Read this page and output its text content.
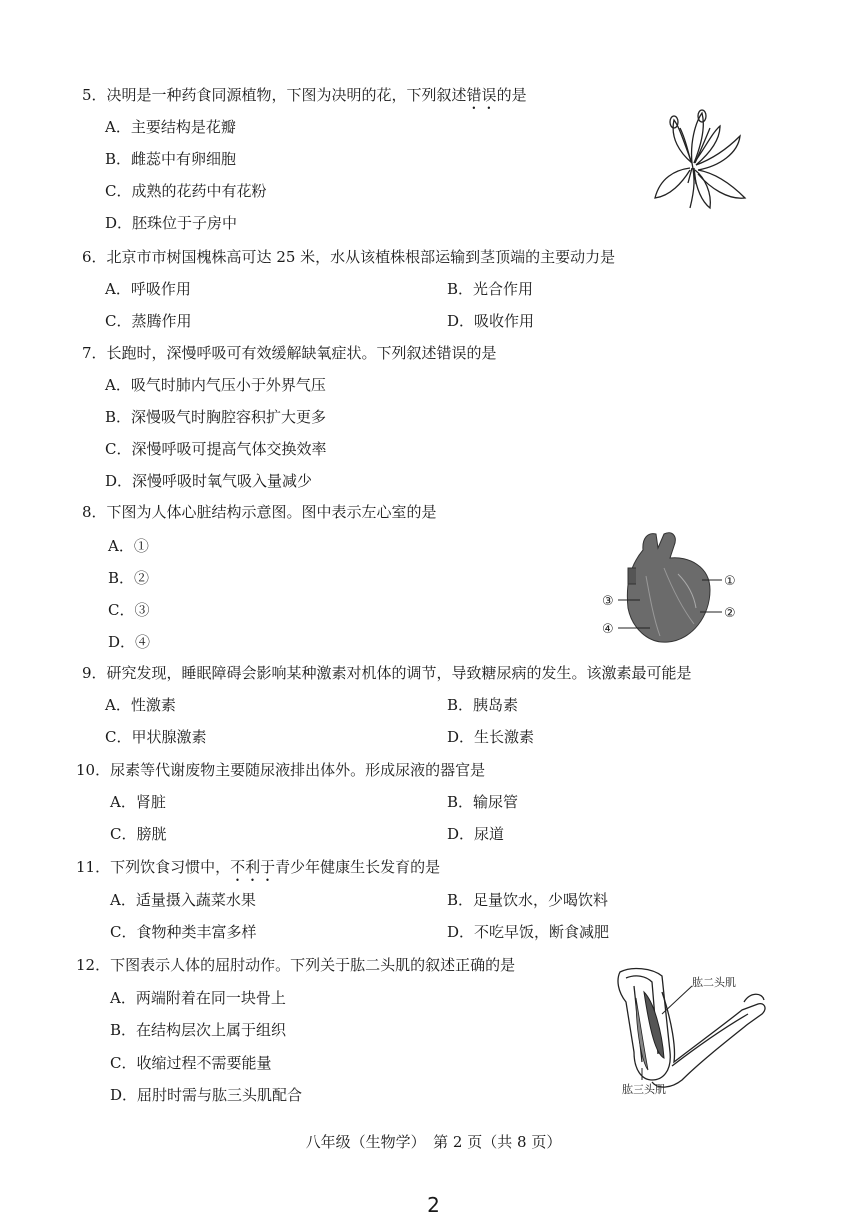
5．决明是一种药食同源植物，下图为决明的花，下列叙述错误的是
A．主要结构是花瓣
B．雌蕊中有卵细胞
C．成熟的花药中有花粉
D．胚珠位于子房中
6．北京市市树国槐株高可达 25 米，水从该植株根部运输到茎顶端的主要动力是
A．呼吸作用	B．光合作用
C．蒸腾作用	D．吸收作用
7．长跑时，深慢呼吸可有效缓解缺氧症状。下列叙述错误的是
A．吸气时肺内气压小于外界气压
B．深慢吸气时胸腔容积扩大更多
C．深慢呼吸可提高气体交换效率
D．深慢呼吸时氧气吸入量减少
8．下图为人体心脏结构示意图。图中表示左心室的是
A．①
B．②
C．③
D．④
①
②
③
④
9．研究发现，睡眠障碍会影响某种激素对机体的调节，导致糖尿病的发生。该激素最可能是
A．性激素	B．胰岛素
C．甲状腺激素	D．生长激素
10．尿素等代谢废物主要随尿液排出体外。形成尿液的器官是
A．肾脏	B．输尿管
C．膀胱	D．尿道
11．下列饮食习惯中，不利于青少年健康生长发育的是
A．适量摄入蔬菜水果	B．足量饮水，少喝饮料
C．食物种类丰富多样	D．不吃早饭，断食减肥
12．下图表示人体的屈肘动作。下列关于肱二头肌的叙述正确的是
A．两端附着在同一块骨上
B．在结构层次上属于组织
C．收缩过程不需要能量
D．屈肘时需与肱三头肌配合
肱二头肌
肱三头肌
八年级（生物学）　第 2 页（共 8 页）
2
